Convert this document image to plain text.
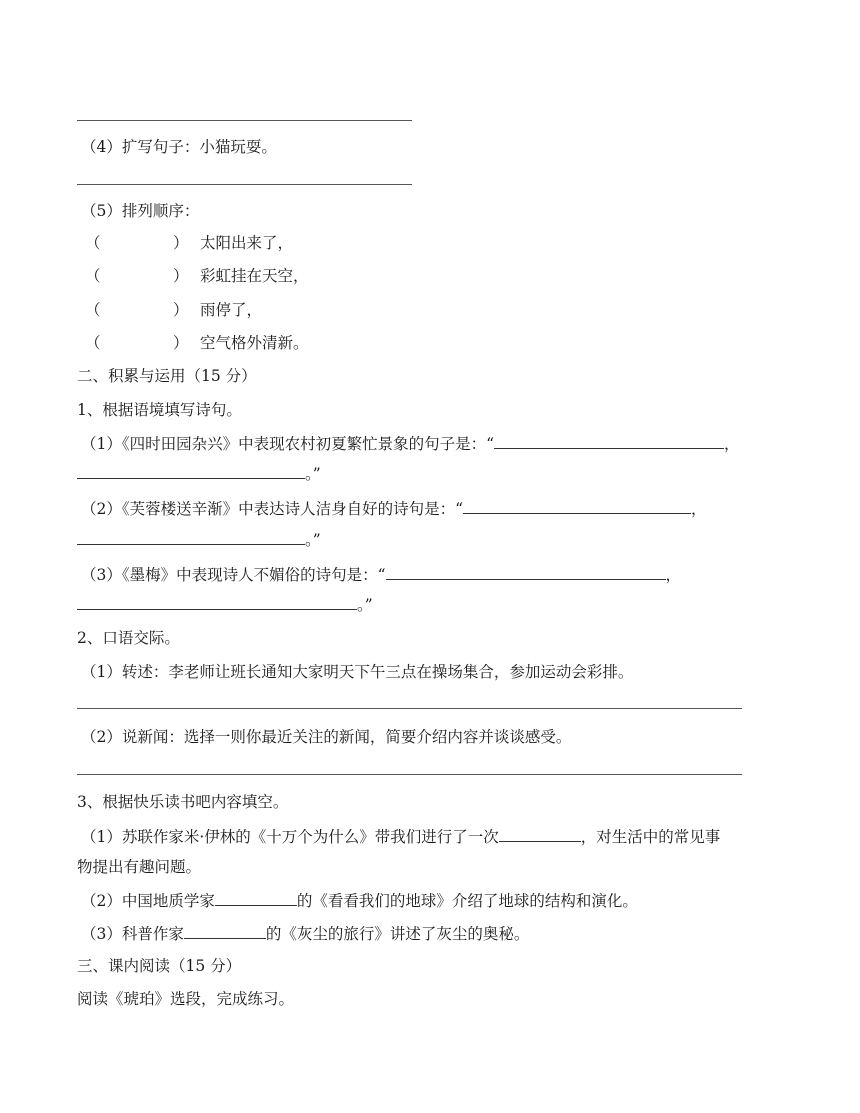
（4）扩写句子：小猫玩耍。
（5）排列顺序：
（	） 太阳出来了，
（	） 彩虹挂在天空，
（	） 雨停了，
（	） 空气格外清新。
二、积累与运用（15 分）
1、根据语境填写诗句。
（1）《四时田园杂兴》中表现农村初夏繁忙景象的句子是：“	，
。”
（2）《芙蓉楼送辛渐》中表达诗人洁身自好的诗句是：“	，
。”
（3）《墨梅》中表现诗人不媚俗的诗句是：“	，
。”
2、口语交际。
（1）转述：李老师让班长通知大家明天下午三点在操场集合，参加运动会彩排。
（2）说新闻：选择一则你最近关注的新闻，简要介绍内容并谈谈感受。
3、根据快乐读书吧内容填空。
（1）苏联作家米·伊林的《十万个为什么》带我们进行了一次	，对生活中的常见事
物提出有趣问题。
（2）中国地质学家	的《看看我们的地球》介绍了地球的结构和演化。
（3）科普作家	的《灰尘的旅行》讲述了灰尘的奥秘。
三、课内阅读（15 分）
阅读《琥珀》选段，完成练习。
